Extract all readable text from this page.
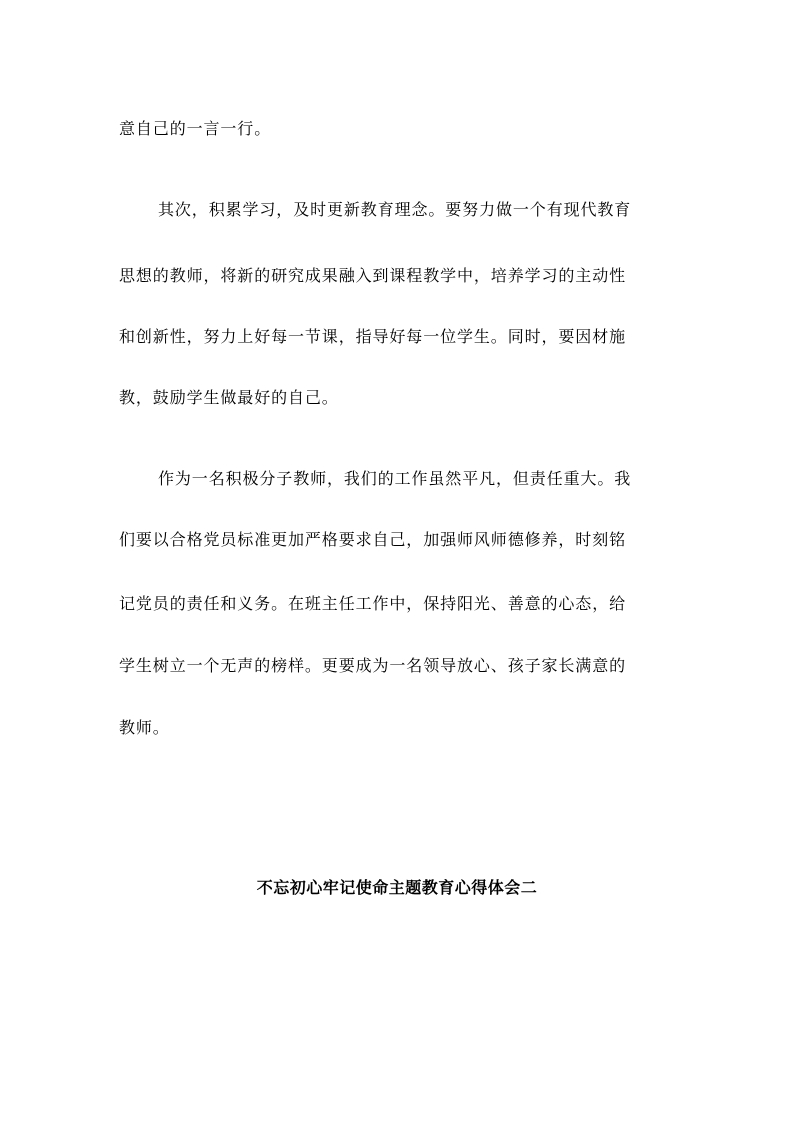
意自己的一言一行。
其次，积累学习，及时更新教育理念。要努力做一个有现代教育
思想的教师，将新的研究成果融入到课程教学中，培养学习的主动性
和创新性，努力上好每一节课，指导好每一位学生。同时，要因材施
教，鼓励学生做最好的自己。
作为一名积极分子教师，我们的工作虽然平凡，但责任重大。我
们要以合格党员标准更加严格要求自己，加强师风师德修养，时刻铭
记党员的责任和义务。在班主任工作中，保持阳光、善意的心态，给
学生树立一个无声的榜样。更要成为一名领导放心、孩子家长满意的
教师。
不忘初心牢记使命主题教育心得体会二
